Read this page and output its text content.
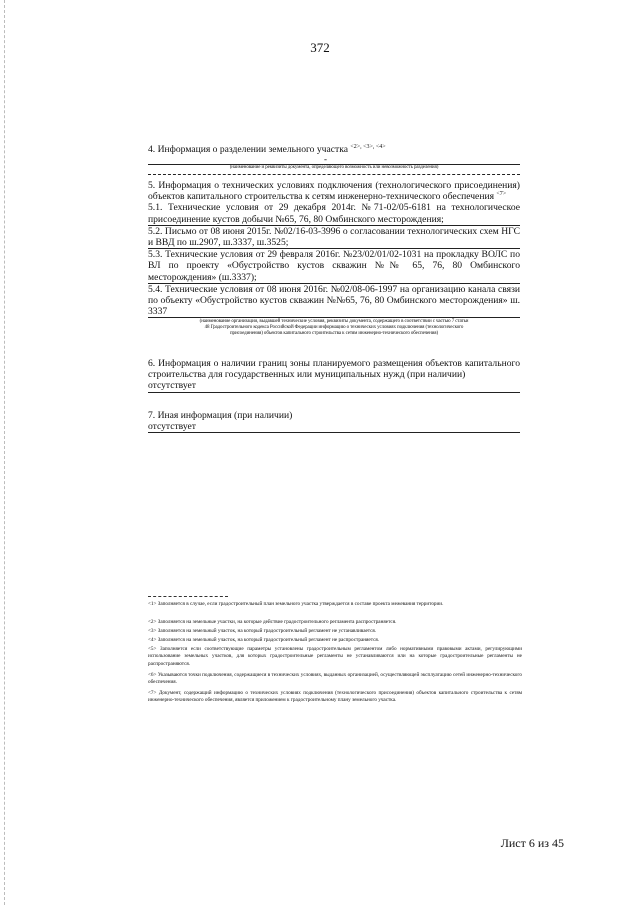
372

4. Информация о разделении земельного участка $^{<2>, <3>, <4>}$

-

(наименование и реквизиты документа, определяющего возможность или невозможность разделения)

5. Информация о технических условиях подключения (технологического присоединения) объектов капитального строительства к сетям инженерно-технического обеспечения $^{<7>}$

5.1. Технические условия от 29 декабря 2014г. №71-02/05-6181 на технологическое присоединение кустов добычи №65, 76, 80 Омбинского месторождения;

5.2. Письмо от 08 июня 2015г. №02/16-03-3996 о согласовании технологических схем НГС и ВВД по ш.2907, ш.3337, ш.3525;

5.3. Технические условия от 29 февраля 2016г. №23/02/01/02-1031 на прокладку ВОЛС по ВЛ по проекту «Обустройство кустов скважин №№ 65, 76, 80 Омбинского месторождения» (ш.3337);

5.4. Технические условия от 08 июня 2016г. №02/08-06-1997 на организацию канала связи по объекту «Обустройство кустов скважин №№65, 76, 80 Омбинского месторождения» ш. 3337

(наименование организации, выдавшей технические условия, реквизиты документа, содержащего в соответствии с частью 7 статьи

48 Градостроительного кодекса Российской Федерации информацию о технических условиях подключения (технологического

присоединения) объектов капитального строительства к сетям инженерно-технического обеспечения)

6. Информация о наличии границ зоны планируемого размещения объектов капитального строительства для государственных или муниципальных нужд (при наличии)

отсутствует

7. Иная информация (при наличии)

отсутствует

<1> Заполняется в случае, если градостроительный план земельного участка утверждается в составе проекта межевания территории.

<2> Заполняется на земельные участки, на которые действие градостроительного регламента распространяется.

<3> Заполняется на земельный участок, на который градостроительный регламент не устанавливается.

<4> Заполняется на земельный участок, на который градостроительный регламент не распространяется.

<5> Заполняется если соответствующие параметры установлены градостроительным регламентом либо нормативными правовыми актами, регулирующими использование земельных участков, для которых градостроительные регламенты не устанавливаются или на которые градостроительные регламенты не распространяются.

<6> Указываются точки подключения, содержащиеся в технических условиях, выданных организацией, осуществляющей эксплуатацию сетей инженерно-технического обеспечения.

<7> Документ, содержащий информацию о технических условиях подключения (технологического присоединения) объектов капитального строительства к сетям инженерно-технического обеспечения, является приложением к градостроительному плану земельного участка.

Лист 6 из 45
